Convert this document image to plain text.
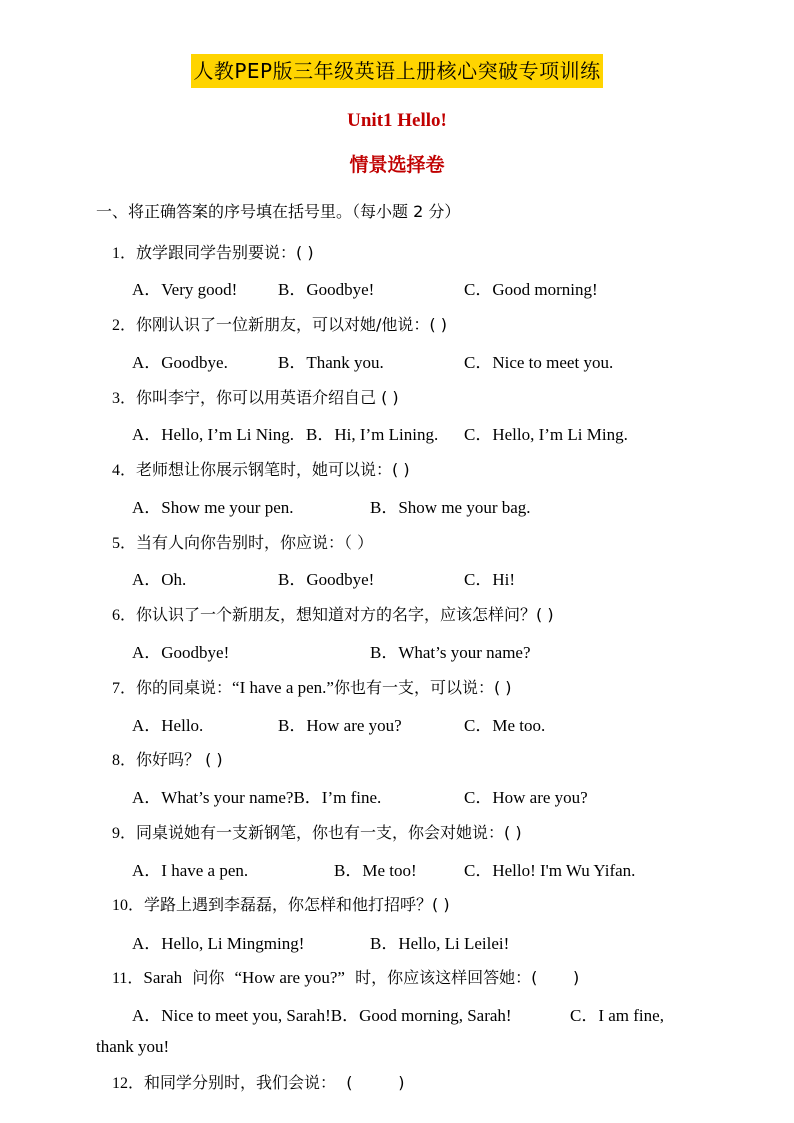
人教PEP版三年级英语上册核心突破专项训练
Unit1 Hello!
情景选择卷
一、将正确答案的序号填在括号里。（每小题 2 分）
1．放学跟同学告别要说：( )
A．Very good! B．Goodbye!	C．Good morning!
2．你刚认识了一位新朋友，可以对她/他说：( )
A．Goodbye.	B．Thank you.	C．Nice to meet you.
3．你叫李宁，你可以用英语介绍自己 ( )
A．Hello, I’m Li Ning. B．Hi, I’m Lining. C．Hello, I’m Li Ming.
4．老师想让你展示钢笔时，她可以说：( )
A．Show me your pen.	B．Show me your bag.
5．当有人向你告别时，你应说：（ ）
A．Oh.	B．Goodbye!	C．Hi!
6．你认识了一个新朋友，想知道对方的名字，应该怎样问？( )
A．Goodbye!	B．What’s your name?
7．你的同桌说：“I have a pen.”你也有一支，可以说：( )
A．Hello.	B．How are you?	C．Me too.
8．你好吗？ ( )
A．What’s your name?B．I’m fine.	C．How are you?
9．同桌说她有一支新钢笔，你也有一支，你会对她说：( )
A．I have a pen.	B．Me too!	C．Hello! I'm Wu Yifan.
10．学路上遇到李磊磊，你怎样和他打招呼？( )
A．Hello, Li Mingming!	B．Hello, Li Leilei!
11．Sarah  问你  “How are you?”  时，你应该这样回答她：(       )
A．Nice to meet you, Sarah!B．Good morning, Sarah!	C．I am fine,
thank you!
12．和同学分别时，我们会说：  (         )
